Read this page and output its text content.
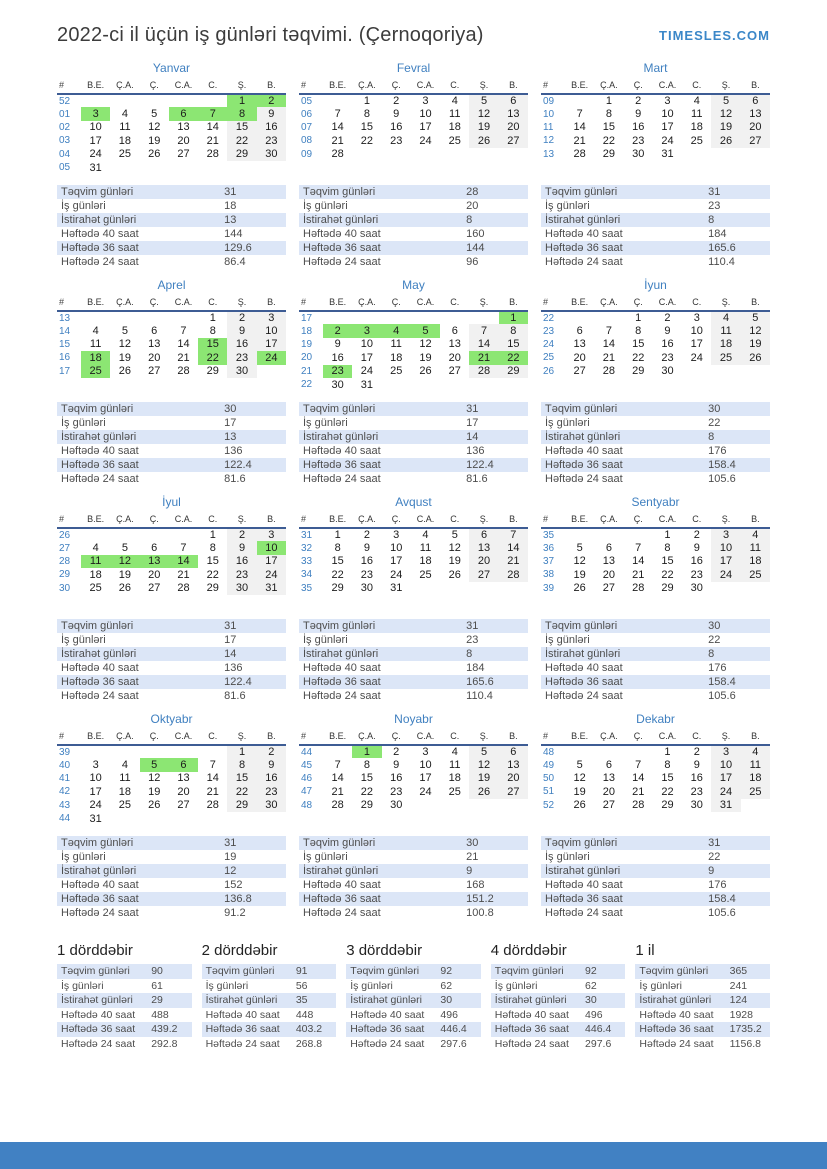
2022-ci il üçün iş günləri təqvimi. (Çernoqoriya)	TIMESLES.COM
Yanvar
#	B.E.	Ç.A.	Ç.	C.A.	C.	Ş.	B.
52						1	2
01	3	4	5	6	7	8	9
02	10	11	12	13	14	15	16
03	17	18	19	20	21	22	23
04	24	25	26	27	28	29	30
05	31						
Təqvim günləri	31
İş günləri	18
İstirahət günləri	13
Həftədə 40 saat	144
Həftədə 36 saat	129.6
Həftədə 24 saat	86.4
Fevral
#	B.E.	Ç.A.	Ç.	C.A.	C.	Ş.	B.
05		1	2	3	4	5	6
06	7	8	9	10	11	12	13
07	14	15	16	17	18	19	20
08	21	22	23	24	25	26	27
09	28						
Təqvim günləri	28
İş günləri	20
İstirahət günləri	8
Həftədə 40 saat	160
Həftədə 36 saat	144
Həftədə 24 saat	96
Mart
#	B.E.	Ç.A.	Ç.	C.A.	C.	Ş.	B.
09		1	2	3	4	5	6
10	7	8	9	10	11	12	13
11	14	15	16	17	18	19	20
12	21	22	23	24	25	26	27
13	28	29	30	31			
Təqvim günləri	31
İş günləri	23
İstirahət günləri	8
Həftədə 40 saat	184
Həftədə 36 saat	165.6
Həftədə 24 saat	110.4
Aprel
#	B.E.	Ç.A.	Ç.	C.A.	C.	Ş.	B.
13					1	2	3
14	4	5	6	7	8	9	10
15	11	12	13	14	15	16	17
16	18	19	20	21	22	23	24
17	25	26	27	28	29	30	
Təqvim günləri	30
İş günləri	17
İstirahət günləri	13
Həftədə 40 saat	136
Həftədə 36 saat	122.4
Həftədə 24 saat	81.6
May
#	B.E.	Ç.A.	Ç.	C.A.	C.	Ş.	B.
17							1
18	2	3	4	5	6	7	8
19	9	10	11	12	13	14	15
20	16	17	18	19	20	21	22
21	23	24	25	26	27	28	29
22	30	31					
Təqvim günləri	31
İş günləri	17
İstirahət günləri	14
Həftədə 40 saat	136
Həftədə 36 saat	122.4
Həftədə 24 saat	81.6
İyun
#	B.E.	Ç.A.	Ç.	C.A.	C.	Ş.	B.
22			1	2	3	4	5
23	6	7	8	9	10	11	12
24	13	14	15	16	17	18	19
25	20	21	22	23	24	25	26
26	27	28	29	30			
Təqvim günləri	30
İş günləri	22
İstirahət günləri	8
Həftədə 40 saat	176
Həftədə 36 saat	158.4
Həftədə 24 saat	105.6
İyul
#	B.E.	Ç.A.	Ç.	C.A.	C.	Ş.	B.
26					1	2	3
27	4	5	6	7	8	9	10
28	11	12	13	14	15	16	17
29	18	19	20	21	22	23	24
30	25	26	27	28	29	30	31
Təqvim günləri	31
İş günləri	17
İstirahət günləri	14
Həftədə 40 saat	136
Həftədə 36 saat	122.4
Həftədə 24 saat	81.6
Avqust
#	B.E.	Ç.A.	Ç.	C.A.	C.	Ş.	B.
31	1	2	3	4	5	6	7
32	8	9	10	11	12	13	14
33	15	16	17	18	19	20	21
34	22	23	24	25	26	27	28
35	29	30	31				
Təqvim günləri	31
İş günləri	23
İstirahət günləri	8
Həftədə 40 saat	184
Həftədə 36 saat	165.6
Həftədə 24 saat	110.4
Sentyabr
#	B.E.	Ç.A.	Ç.	C.A.	C.	Ş.	B.
35				1	2	3	4
36	5	6	7	8	9	10	11
37	12	13	14	15	16	17	18
38	19	20	21	22	23	24	25
39	26	27	28	29	30		
Təqvim günləri	30
İş günləri	22
İstirahət günləri	8
Həftədə 40 saat	176
Həftədə 36 saat	158.4
Həftədə 24 saat	105.6
Oktyabr
#	B.E.	Ç.A.	Ç.	C.A.	C.	Ş.	B.
39						1	2
40	3	4	5	6	7	8	9
41	10	11	12	13	14	15	16
42	17	18	19	20	21	22	23
43	24	25	26	27	28	29	30
44	31						
Təqvim günləri	31
İş günləri	19
İstirahət günləri	12
Həftədə 40 saat	152
Həftədə 36 saat	136.8
Həftədə 24 saat	91.2
Noyabr
#	B.E.	Ç.A.	Ç.	C.A.	C.	Ş.	B.
44		1	2	3	4	5	6
45	7	8	9	10	11	12	13
46	14	15	16	17	18	19	20
47	21	22	23	24	25	26	27
48	28	29	30				
Təqvim günləri	30
İş günləri	21
İstirahət günləri	9
Həftədə 40 saat	168
Həftədə 36 saat	151.2
Həftədə 24 saat	100.8
Dekabr
#	B.E.	Ç.A.	Ç.	C.A.	C.	Ş.	B.
48				1	2	3	4
49	5	6	7	8	9	10	11
50	12	13	14	15	16	17	18
51	19	20	21	22	23	24	25
52	26	27	28	29	30	31	
Təqvim günləri	31
İş günləri	22
İstirahət günləri	9
Həftədə 40 saat	176
Həftədə 36 saat	158.4
Həftədə 24 saat	105.6
1 dörddəbir
Təqvim günləri	90
İş günləri	61
İstirahət günləri	29
Həftədə 40 saat	488
Həftədə 36 saat	439.2
Həftədə 24 saat	292.8
2 dörddəbir
Təqvim günləri	91
İş günləri	56
İstirahət günləri	35
Həftədə 40 saat	448
Həftədə 36 saat	403.2
Həftədə 24 saat	268.8
3 dörddəbir
Təqvim günləri	92
İş günləri	62
İstirahət günləri	30
Həftədə 40 saat	496
Həftədə 36 saat	446.4
Həftədə 24 saat	297.6
4 dörddəbir
Təqvim günləri	92
İş günləri	62
İstirahət günləri	30
Həftədə 40 saat	496
Həftədə 36 saat	446.4
Həftədə 24 saat	297.6
1 il
Təqvim günləri	365
İş günləri	241
İstirahət günləri	124
Həftədə 40 saat	1928
Həftədə 36 saat	1735.2
Həftədə 24 saat	1156.8
